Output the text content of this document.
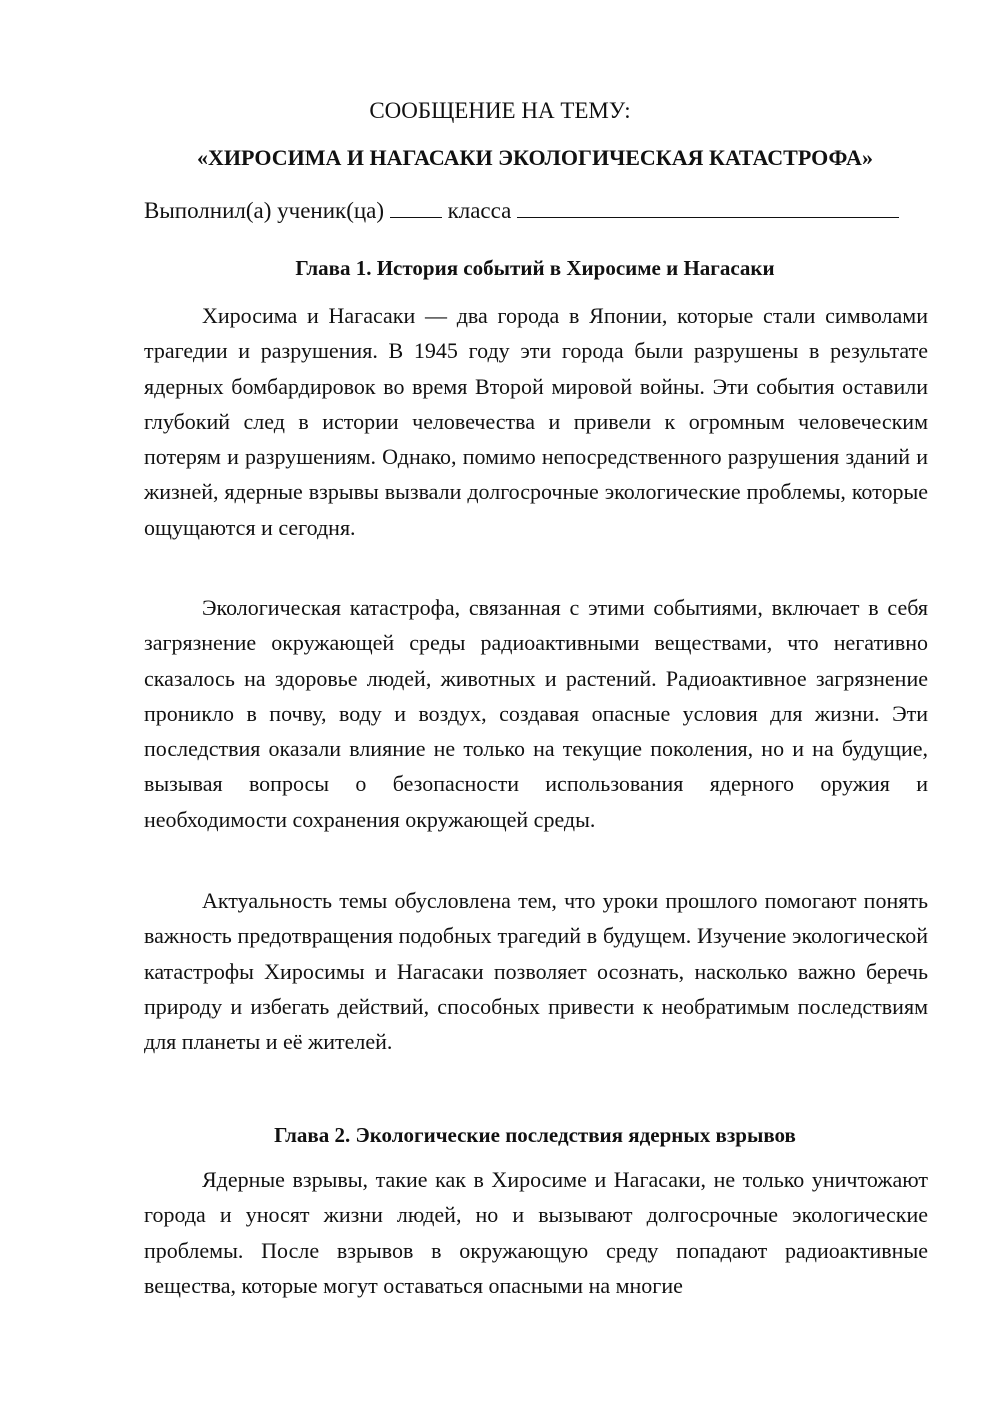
СООБЩЕНИЕ НА ТЕМУ:
«ХИРОСИМА И НАГАСАКИ ЭКОЛОГИЧЕСКАЯ КАТАСТРОФА»
Выполнил(а) ученик(ца)	класса
Глава 1. История событий в Хиросиме и Нагасаки

Хиросима и Нагасаки — два города в Японии, которые стали символами трагедии и разрушения. В 1945 году эти города были разрушены в результате ядерных бомбардировок во время Второй мировой войны. Эти события оставили глубокий след в истории человечества и привели к огромным человеческим потерям и разрушениям. Однако, помимо непосредственного разрушения зданий и жизней, ядерные взрывы вызвали долгосрочные экологические проблемы, которые ощущаются и сегодня.

Экологическая катастрофа, связанная с этими событиями, включает в себя загрязнение окружающей среды радиоактивными веществами, что негативно сказалось на здоровье людей, животных и растений. Радиоактивное загрязнение проникло в почву, воду и воздух, создавая опасные условия для жизни. Эти последствия оказали влияние не только на текущие поколения, но и на будущие, вызывая вопросы о безопасности использования ядерного оружия и необходимости сохранения окружающей среды.

Актуальность темы обусловлена тем, что уроки прошлого помогают понять важность предотвращения подобных трагедий в будущем. Изучение экологической катастрофы Хиросимы и Нагасаки позволяет осознать, насколько важно беречь природу и избегать действий, способных привести к необратимым последствиям для планеты и её жителей.

Глава 2. Экологические последствия ядерных взрывов

Ядерные взрывы, такие как в Хиросиме и Нагасаки, не только уничтожают города и уносят жизни людей, но и вызывают долгосрочные экологические проблемы. После взрывов в окружающую среду попадают радиоактивные вещества, которые могут оставаться опасными на многие
